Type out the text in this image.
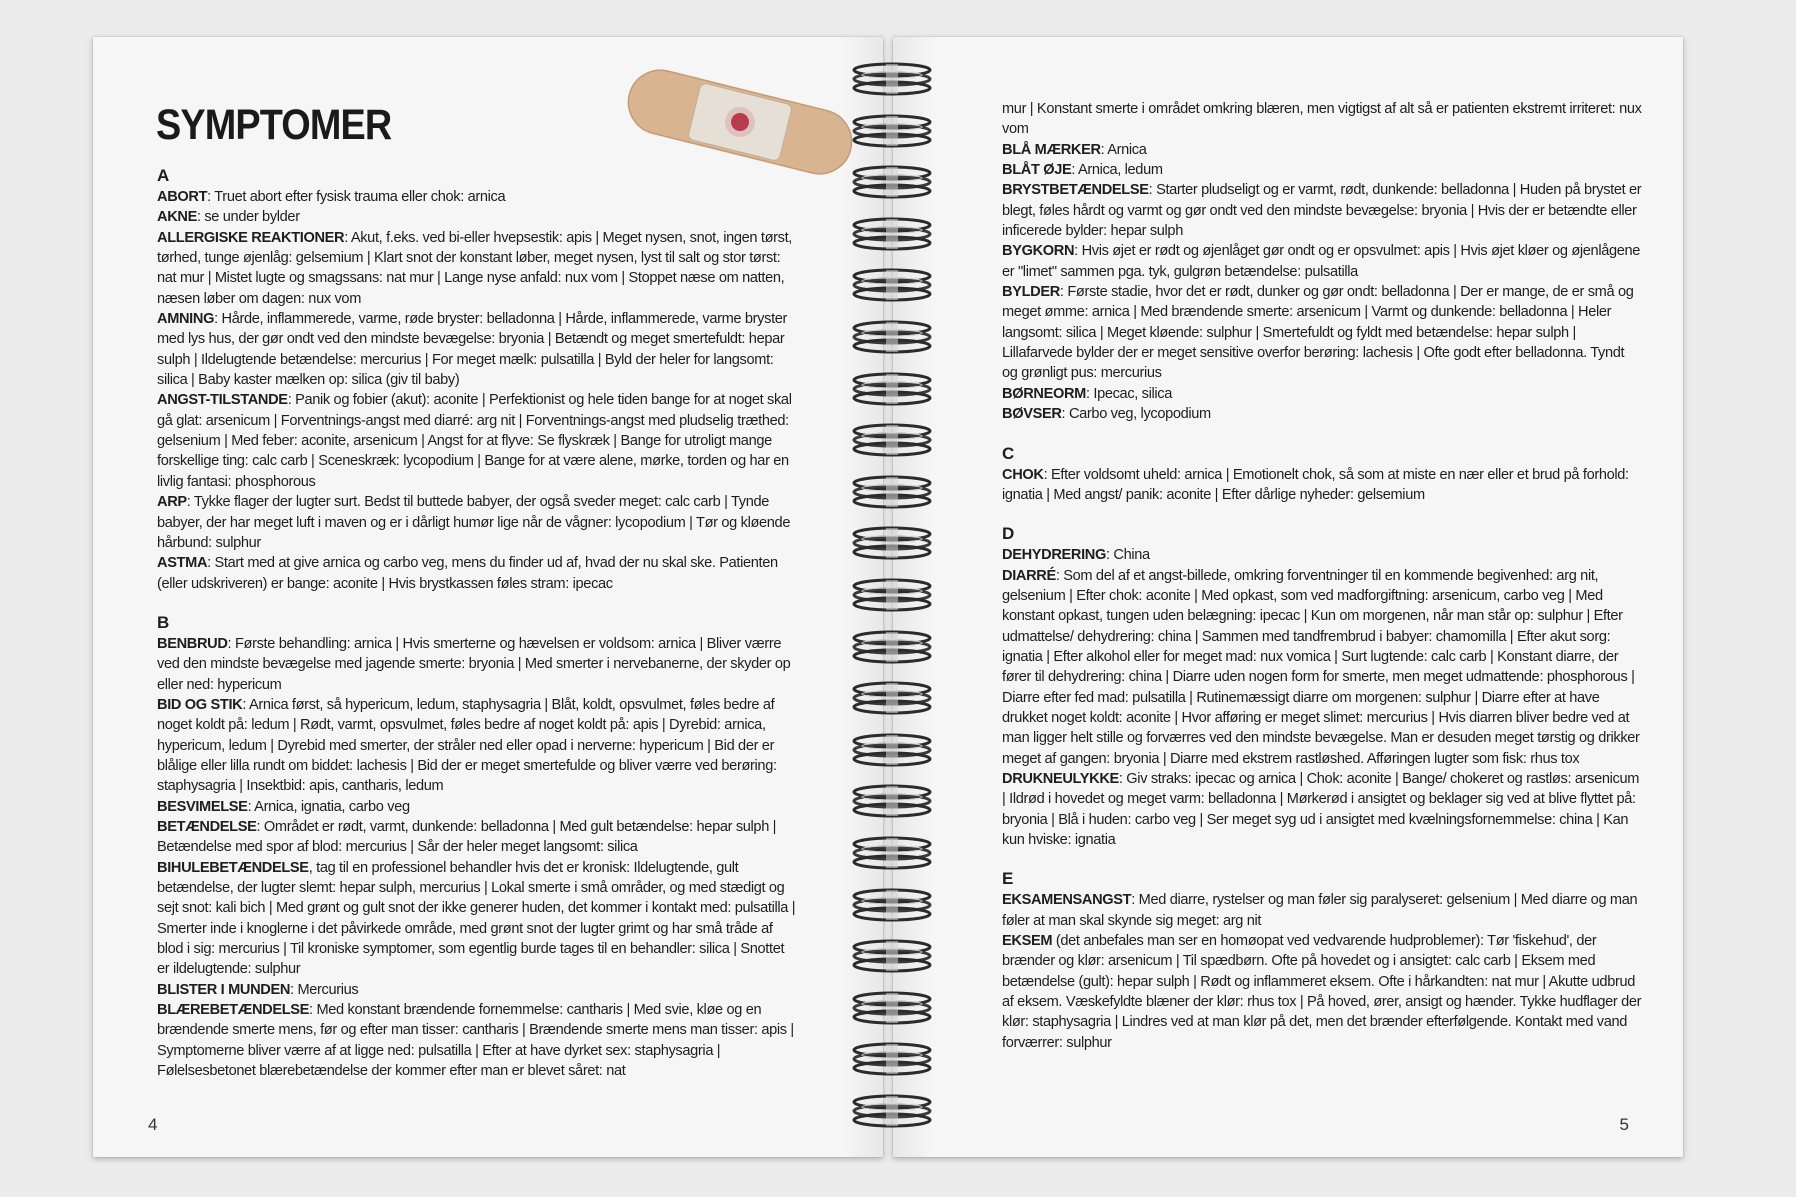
SYMPTOMER

A

ABORT: Truet abort efter fysisk trauma eller chok: arnica

AKNE: se under bylder

ALLERGISKE REAKTIONER: Akut, f.eks. ved bi-eller hvepsestik: apis | Meget nysen, snot, ingen tørst, tørhed, tunge øjenlåg: gelsemium | Klart snot der konstant løber, meget nysen, lyst til salt og stor tørst: nat mur | Mistet lugte og smagssans: nat mur | Lange nyse anfald: nux vom | Stoppet næse om natten, næsen løber om dagen: nux vom

AMNING: Hårde, inflammerede, varme, røde bryster: belladonna | Hårde, inflammerede, varme bryster med lys hus, der gør ondt ved den mindste bevægelse: bryonia | Betændt og meget smertefuldt: hepar sulph | Ildelugtende betændelse: mercurius | For meget mælk: pulsatilla | Byld der heler for langsomt: silica | Baby kaster mælken op: silica (giv til baby)

ANGST-TILSTANDE: Panik og fobier (akut): aconite | Perfektionist og hele tiden bange for at noget skal gå glat: arsenicum | Forventnings-angst med diarré: arg nit | Forventnings-angst med pludselig træthed: gelsenium | Med feber: aconite, arsenicum | Angst for at flyve: Se flyskræk | Bange for utroligt mange forskellige ting: calc carb | Sceneskræk: lycopodium | Bange for at være alene, mørke, torden og har en livlig fantasi: phosphorous

ARP: Tykke flager der lugter surt. Bedst til buttede babyer, der også sveder meget: calc carb | Tynde babyer, der har meget luft i maven og er i dårligt humør lige når de vågner: lycopodium | Tør og kløende hårbund: sulphur

ASTMA: Start med at give arnica og carbo veg, mens du finder ud af, hvad der nu skal ske. Patienten (eller udskriveren) er bange: aconite | Hvis brystkassen føles stram: ipecac

B

BENBRUD: Første behandling: arnica | Hvis smerterne og hævelsen er voldsom: arnica | Bliver værre ved den mindste bevægelse med jagende smerte: bryonia | Med smerter i nervebanerne, der skyder op eller ned: hypericum

BID OG STIK: Arnica først, så hypericum, ledum, staphysagria | Blåt, koldt, opsvulmet, føles bedre af noget koldt på: ledum | Rødt, varmt, opsvulmet, føles bedre af noget koldt på: apis | Dyrebid: arnica, hypericum, ledum | Dyrebid med smerter, der stråler ned eller opad i nerverne: hypericum | Bid der er blålige eller lilla rundt om biddet: lachesis | Bid der er meget smertefulde og bliver værre ved berøring: staphysagria | Insektbid: apis, cantharis, ledum

BESVIMELSE: Arnica, ignatia, carbo veg

BETÆNDELSE: Området er rødt, varmt, dunkende: belladonna | Med gult betændelse: hepar sulph | Betændelse med spor af blod: mercurius | Sår der heler meget langsomt: silica

BIHULEBETÆNDELSE, tag til en professionel behandler hvis det er kronisk: Ildelugtende, gult betændelse, der lugter slemt: hepar sulph, mercurius | Lokal smerte i små områder, og med stædigt og sejt snot: kali bich | Med grønt og gult snot der ikke generer huden, det kommer i kontakt med: pulsatilla | Smerter inde i knoglerne i det påvirkede område, med grønt snot der lugter grimt og har små tråde af blod i sig: mercurius | Til kroniske symptomer, som egentlig burde tages til en behandler: silica | Snottet er ildelugtende: sulphur

BLISTER I MUNDEN: Mercurius

BLÆREBETÆNDELSE: Med konstant brændende fornemmelse: cantharis | Med svie, kløe og en brændende smerte mens, før og efter man tisser: cantharis | Brændende smerte mens man tisser: apis | Symptomerne bliver værre af at ligge ned: pulsatilla | Efter at have dyrket sex: staphysagria | Følelsesbetonet blærebetændelse der kommer efter man er blevet såret: nat

4

mur | Konstant smerte i området omkring blæren, men vigtigst af alt så er patienten ekstremt irriteret: nux vom

BLÅ MÆRKER: Arnica

BLÅT ØJE: Arnica, ledum

BRYSTBETÆNDELSE: Starter pludseligt og er varmt, rødt, dunkende: belladonna | Huden på brystet er blegt, føles hårdt og varmt og gør ondt ved den mindste bevægelse: bryonia | Hvis der er betændte eller inficerede bylder: hepar sulph

BYGKORN: Hvis øjet er rødt og øjenlåget gør ondt og er opsvulmet: apis | Hvis øjet kløer og øjenlågene er "limet" sammen pga. tyk, gulgrøn betændelse: pulsatilla

BYLDER: Første stadie, hvor det er rødt, dunker og gør ondt: belladonna | Der er mange, de er små og meget ømme: arnica | Med brændende smerte: arsenicum | Varmt og dunkende: belladonna | Heler langsomt: silica | Meget kløende: sulphur | Smertefuldt og fyldt med betændelse: hepar sulph | Lillafarvede bylder der er meget sensitive overfor berøring: lachesis | Ofte godt efter belladonna. Tyndt og grønligt pus: mercurius

BØRNEORM: Ipecac, silica

BØVSER: Carbo veg, lycopodium

C

CHOK: Efter voldsomt uheld: arnica | Emotionelt chok, så som at miste en nær eller et brud på forhold: ignatia | Med angst/ panik: aconite | Efter dårlige nyheder: gelsemium

D

DEHYDRERING: China

DIARRÉ: Som del af et angst-billede, omkring forventninger til en kommende begivenhed: arg nit, gelsenium | Efter chok: aconite | Med opkast, som ved madforgiftning: arsenicum, carbo veg | Med konstant opkast, tungen uden belægning: ipecac | Kun om morgenen, når man står op: sulphur | Efter udmattelse/ dehydrering: china | Sammen med tandfrembrud i babyer: chamomilla | Efter akut sorg: ignatia | Efter alkohol eller for meget mad: nux vomica | Surt lugtende: calc carb | Konstant diarre, der fører til dehydrering: china | Diarre uden nogen form for smerte, men meget udmattende: phosphorous | Diarre efter fed mad: pulsatilla | Rutinemæssigt diarre om morgenen: sulphur | Diarre efter at have drukket noget koldt: aconite | Hvor afføring er meget slimet: mercurius | Hvis diarren bliver bedre ved at man ligger helt stille og forværres ved den mindste bevægelse. Man er desuden meget tørstig og drikker meget af gangen: bryonia | Diarre med ekstrem rastløshed. Afføringen lugter som fisk: rhus tox

DRUKNEULYKKE: Giv straks: ipecac og arnica | Chok: aconite | Bange/ chokeret og rastløs: arsenicum | Ildrød i hovedet og meget varm: belladonna | Mørkerød i ansigtet og beklager sig ved at blive flyttet på: bryonia | Blå i huden: carbo veg | Ser meget syg ud i ansigtet med kvælningsfornemmelse: china | Kan kun hviske: ignatia

E

EKSAMENSANGST: Med diarre, rystelser og man føler sig paralyseret: gelsenium | Med diarre og man føler at man skal skynde sig meget: arg nit

EKSEM (det anbefales man ser en homøopat ved vedvarende hudproblemer): Tør 'fiskehud', der brænder og klør: arsenicum | Til spædbørn. Ofte på hovedet og i ansigtet: calc carb | Eksem med betændelse (gult): hepar sulph | Rødt og inflammeret eksem. Ofte i hårkandten: nat mur | Akutte udbrud af eksem. Væskefyldte blæner der klør: rhus tox | På hoved, ører, ansigt og hænder. Tykke hudflager der klør: staphysagria | Lindres ved at man klør på det, men det brænder efterfølgende. Kontakt med vand forværrer: sulphur

5
